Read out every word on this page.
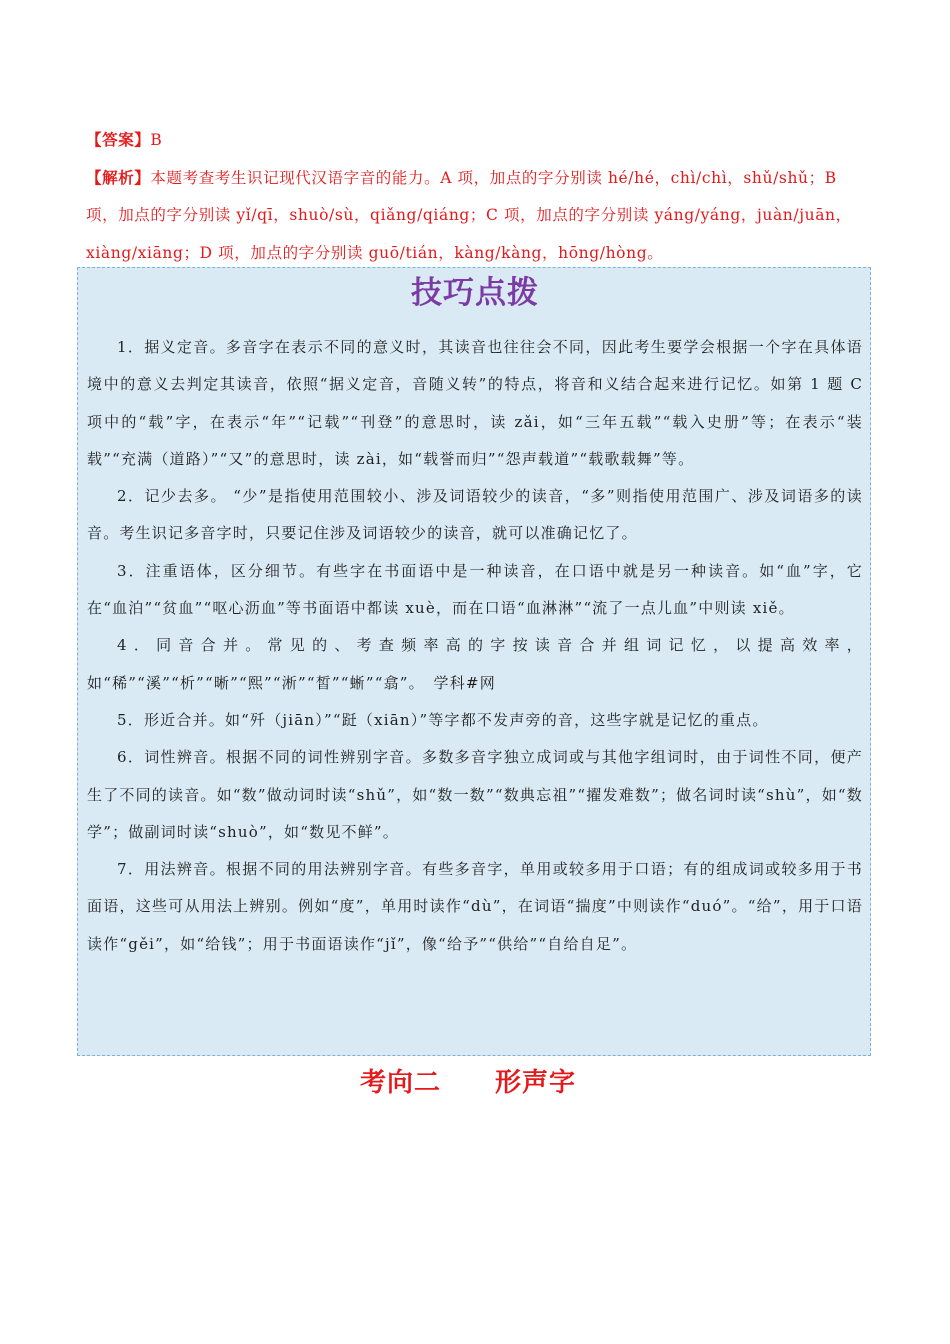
【答案】B

【解析】本题考查考生识记现代汉语字音的能力。A 项，加点的字分别读 hé/hé，chì/chì，shǔ/shǔ；B 项，加点的字分别读 yǐ/qī，shuò/sù，qiǎng/qiáng；C 项，加点的字分别读 yáng/yáng，juàn/juān，xiàng/xiāng；D 项，加点的字分别读 guō/tián，kàng/kàng，hōng/hòng。

技巧点拨

1．据义定音。多音字在表示不同的意义时，其读音也往往会不同，因此考生要学会根据一个字在具体语境中的意义去判定其读音，依照“据义定音，音随义转”的特点，将音和义结合起来进行记忆。如第 1 题 C 项中的“载”字，在表示“年”“记载”“刊登”的意思时，读 zǎi，如“三年五载”“载入史册”等；在表示“装载”“充满（道路）”“又”的意思时，读 zài，如“载誉而归”“怨声载道”“载歌载舞”等。

2．记少去多。 “少”是指使用范围较小、涉及词语较少的读音，“多”则指使用范围广、涉及词语多的读音。考生识记多音字时，只要记住涉及词语较少的读音，就可以准确记忆了。

3．注重语体，区分细节。有些字在书面语中是一种读音，在口语中就是另一种读音。如“血”字，它在“血泊”“贫血”“呕心沥血”等书面语中都读 xuè，而在口语“血淋淋”“流了一点儿血”中则读 xiě。

4．同音合并。常见的、考查频率高的字按读音合并组词记忆，以提高效率，如“稀”“溪”“析”“晰”“熙”“淅”“皙”“蜥”“翕”。　学科#网

5．形近合并。如“歼（jiān）”“跹（xiān）”等字都不发声旁的音，这些字就是记忆的重点。

6．词性辨音。根据不同的词性辨别字音。多数多音字独立成词或与其他字组词时，由于词性不同，便产生了不同的读音。如“数”做动词时读“shǔ”，如“数一数”“数典忘祖”“擢发难数”；做名词时读“shù”，如“数学”；做副词时读“shuò”，如“数见不鲜”。

7．用法辨音。根据不同的用法辨别字音。有些多音字，单用或较多用于口语；有的组成词或较多用于书面语，这些可从用法上辨别。例如“度”，单用时读作“dù”，在词语“揣度”中则读作“duó”。“给”，用于口语读作“gěi”，如“给钱”；用于书面语读作“jǐ”，像“给予”“供给”“自给自足”。

考向二　　形声字
